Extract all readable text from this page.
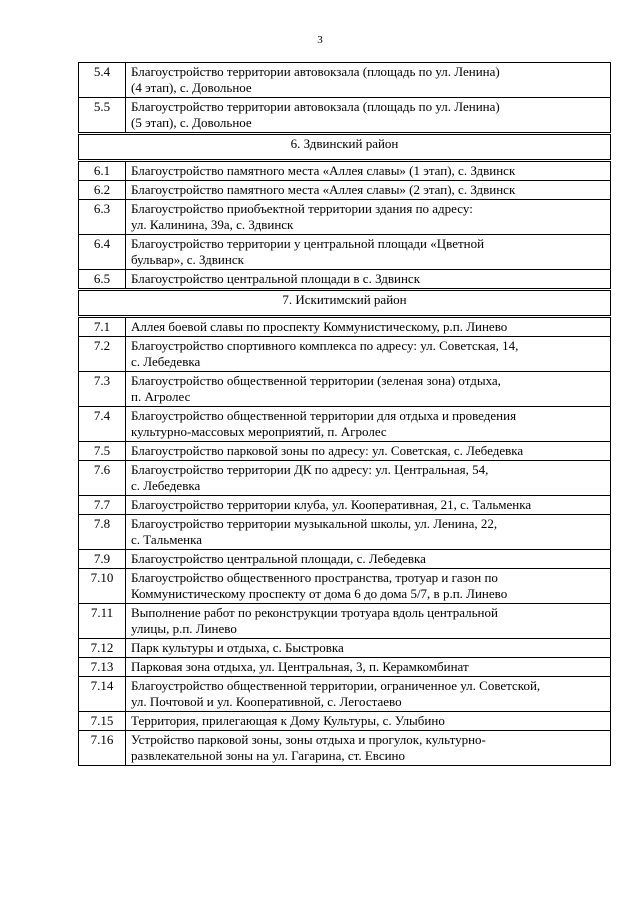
3
5.4	Благоустройство территории автовокзала (площадь по ул. Ленина)
(4 этап), с. Довольное

5.5	Благоустройство территории автовокзала (площадь по ул. Ленина)
(5 этап), с. Довольное

6. Здвинский район	
6.1	Благоустройство памятного места «Аллея славы» (1 этап), с. Здвинск

6.2	Благоустройство памятного места «Аллея славы» (2 этап), с. Здвинск

6.3	Благоустройство приобъектной территории здания по адресу:
ул. Калинина, 39а, с. Здвинск

6.4	Благоустройство территории у центральной площади «Цветной
бульвар», с. Здвинск

6.5	Благоустройство центральной площади в с. Здвинск

7. Искитимский район	
7.1	Аллея боевой славы по проспекту Коммунистическому, р.п. Линево

7.2	Благоустройство спортивного комплекса по адресу: ул. Советская, 14,
с. Лебедевка

7.3	Благоустройство общественной территории (зеленая зона) отдыха,
п. Агролес

7.4	Благоустройство общественной территории для отдыха и проведения
культурно-массовых мероприятий, п. Агролес

7.5	Благоустройство парковой зоны по адресу: ул. Советская, с. Лебедевка

7.6	Благоустройство территории ДК по адресу: ул. Центральная, 54,
с. Лебедевка

7.7	Благоустройство территории клуба, ул. Кооперативная, 21, с. Тальменка

7.8	Благоустройство территории музыкальной школы, ул. Ленина, 22,
с. Тальменка

7.9	Благоустройство центральной площади, с. Лебедевка

7.10	Благоустройство общественного пространства, тротуар и газон по
Коммунистическому проспекту от дома 6 до дома 5/7, в р.п. Линево

7.11	Выполнение работ по реконструкции тротуара вдоль центральной
улицы, р.п. Линево

7.12	Парк культуры и отдыха, с. Быстровка

7.13	Парковая зона отдыха, ул. Центральная, 3, п. Керамкомбинат

7.14	Благоустройство общественной территории, ограниченное ул. Советской,
ул. Почтовой и ул. Кооперативной, с. Легостаево

7.15	Территория, прилегающая к Дому Культуры, с. Улыбино

7.16	Устройство парковой зоны, зоны отдыха и прогулок, культурно-
развлекательной зоны на ул. Гагарина, ст. Евсино
